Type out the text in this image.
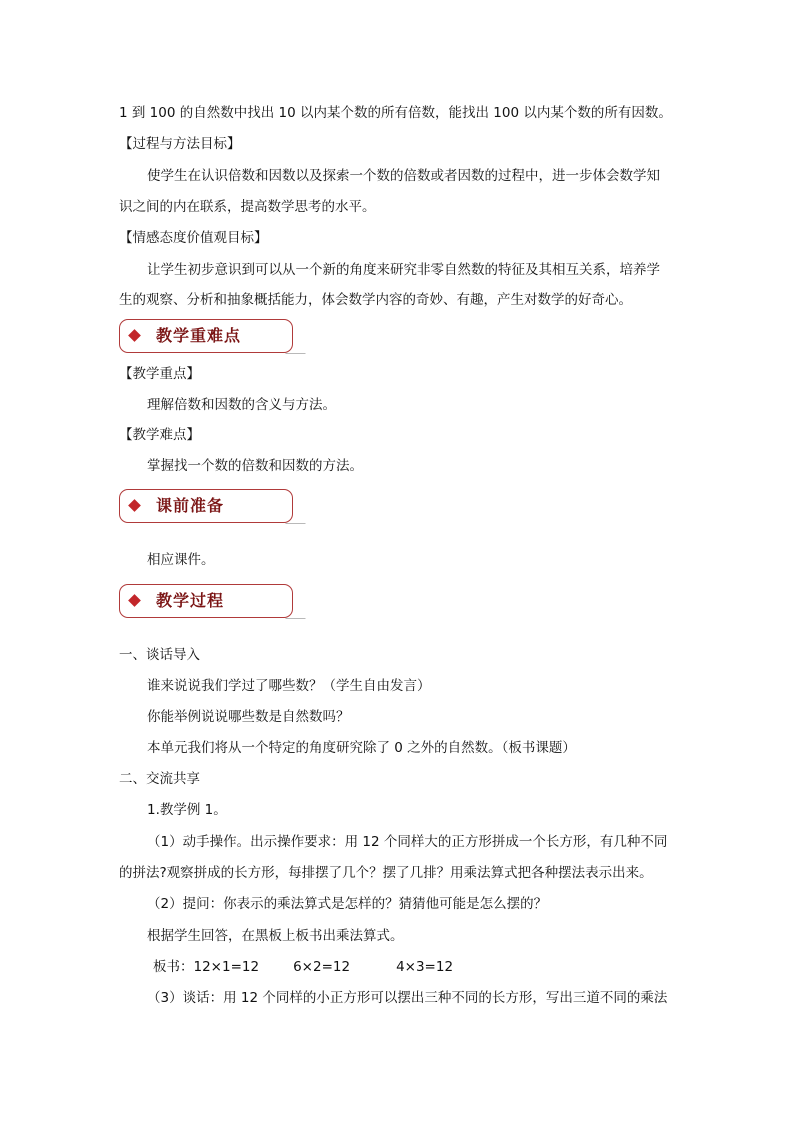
1 到 100 的自然数中找出 10 以内某个数的所有倍数，能找出 100 以内某个数的所有因数。
【过程与方法目标】
使学生在认识倍数和因数以及探索一个数的倍数或者因数的过程中，进一步体会数学知
识之间的内在联系，提高数学思考的水平。
【情感态度价值观目标】
让学生初步意识到可以从一个新的角度来研究非零自然数的特征及其相互关系，培养学
生的观察、分析和抽象概括能力，体会数学内容的奇妙、有趣，产生对数学的好奇心。
教学重难点
【教学重点】
理解倍数和因数的含义与方法。
【教学难点】
掌握找一个数的倍数和因数的方法。
课前准备
相应课件。
教学过程
一、谈话导入
谁来说说我们学过了哪些数？（学生自由发言）
你能举例说说哪些数是自然数吗？
本单元我们将从一个特定的角度研究除了 0 之外的自然数。（板书课题）
二、交流共享
1.教学例 1。
（1）动手操作。出示操作要求：用 12 个同样大的正方形拼成一个长方形，有几种不同
的拼法?观察拼成的长方形，每排摆了几个？摆了几排？用乘法算式把各种摆法表示出来。
（2）提问：你表示的乘法算式是怎样的？猜猜他可能是怎么摆的？
根据学生回答，在黑板上板书出乘法算式。
板书：12×1=12	6×2=12	4×3=12
（3）谈话：用 12 个同样的小正方形可以摆出三种不同的长方形，写出三道不同的乘法
